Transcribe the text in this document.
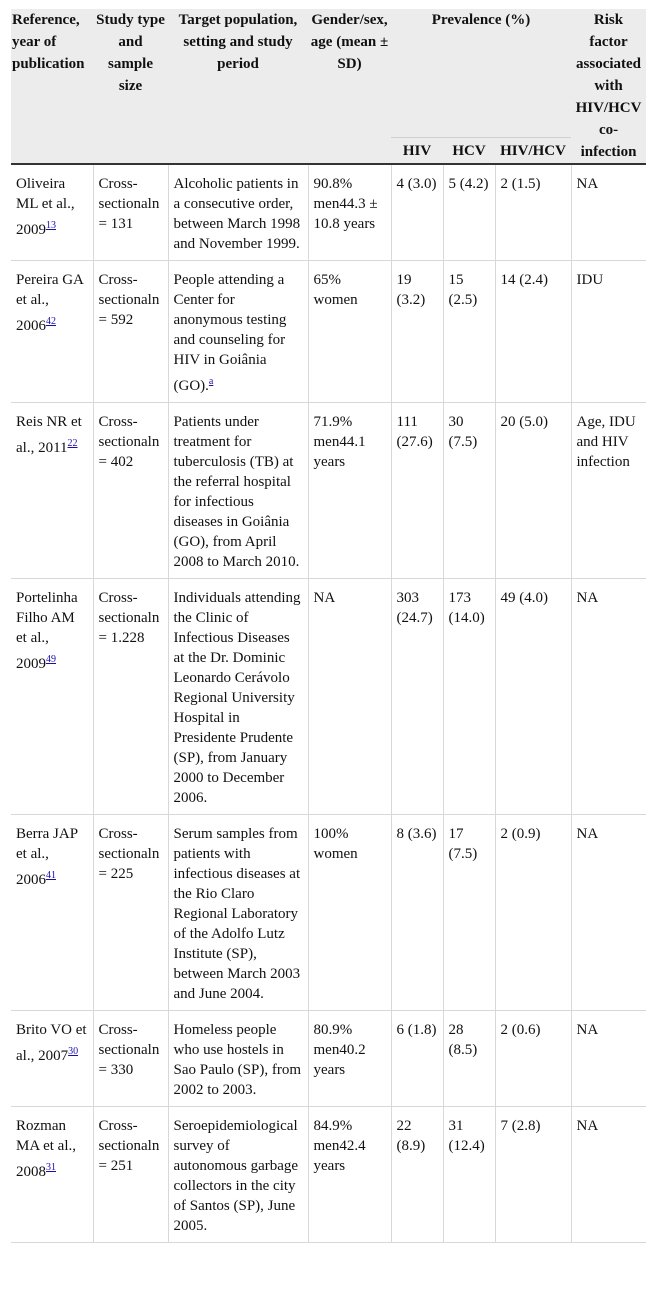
Reference, year of publication	Study type and sample size	Target population, setting and study period	Gender/sex, age (mean ± SD)	Prevalence (%)			Risk factor associated with HIV/HCV co-infection
				HIV	HCV	HIV/HCV	
Oliveira ML et al., 2009$^{13}$	Cross-sectionaln = 131	Alcoholic patients in a consecutive order, between March 1998 and November 1999.	90.8% men44.3 ± 10.8 years	4 (3.0)	5 (4.2)	2 (1.5)	NA
Pereira GA et al., 2006$^{42}$	Cross-sectionaln = 592	People attending a Center for anonymous testing and counseling for HIV in Goiânia (GO).$^a$	65% women	19 (3.2)	15 (2.5)	14 (2.4)	IDU
Reis NR et al., 2011$^{22}$	Cross-sectionaln = 402	Patients under treatment for tuberculosis (TB) at the referral hospital for infectious diseases in Goiânia (GO), from April 2008 to March 2010.	71.9% men44.1 years	111 (27.6)	30 (7.5)	20 (5.0)	Age, IDU and HIV infection
Portelinha Filho AM et al., 2009$^{49}$	Cross-sectionaln = 1.228	Individuals attending the Clinic of Infectious Diseases at the Dr. Dominic Leonardo Cerávolo Regional University Hospital in Presidente Prudente (SP), from January 2000 to December 2006.	NA	303 (24.7)	173 (14.0)	49 (4.0)	NA
Berra JAP et al., 2006$^{41}$	Cross-sectionaln = 225	Serum samples from patients with infectious diseases at the Rio Claro Regional Laboratory of the Adolfo Lutz Institute (SP), between March 2003 and June 2004.	100% women	8 (3.6)	17 (7.5)	2 (0.9)	NA
Brito VO et al., 2007$^{30}$	Cross-sectionaln = 330	Homeless people who use hostels in Sao Paulo (SP), from 2002 to 2003.	80.9% men40.2 years	6 (1.8)	28 (8.5)	2 (0.6)	NA
Rozman MA et al., 2008$^{31}$	Cross-sectionaln = 251	Seroepidemiological survey of autonomous garbage collectors in the city of Santos (SP), June 2005.	84.9% men42.4 years	22 (8.9)	31 (12.4)	7 (2.8)	NA
